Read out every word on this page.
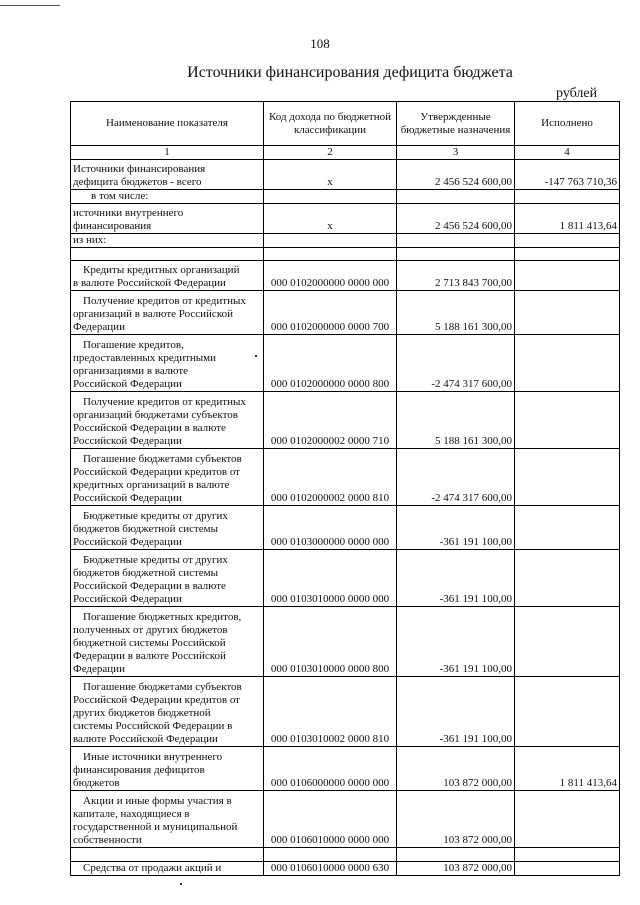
108
Источники финансирования дефицита бюджета
рублей
Наименование показателя	Код дохода по бюджетной классификации	Утвержденные бюджетные назначения	Исполнено
1	2	3	4
Источники финансирования
дефицита бюджетов - всего	х	2 456 524 600,00	-147 763 710,36
в том числе:			
источники внутреннего
финансирования	х	2 456 524 600,00	1 811 413,64
из них:			

Кредиты кредитных организаций
в валюте Российской Федерации	000 0102000000 0000 000	2 713 843 700,00	
Получение кредитов от кредитных
организаций в валюте Российской
Федерации	000 0102000000 0000 700	5 188 161 300,00	
Погашение кредитов,
предоставленных кредитными
организациями в валюте
Российской Федерации	000 0102000000 0000 800	-2 474 317 600,00	
Получение кредитов от кредитных
организаций бюджетами субъектов
Российской Федерации в валюте
Российской Федерации	000 0102000002 0000 710	5 188 161 300,00	
Погашение бюджетами субъектов
Российской Федерации кредитов от
кредитных организаций в валюте
Российской Федерации	000 0102000002 0000 810	-2 474 317 600,00	
Бюджетные кредиты от других
бюджетов бюджетной системы
Российской Федерации	000 0103000000 0000 000	-361 191 100,00	
Бюджетные кредиты от других
бюджетов бюджетной системы
Российской Федерации в валюте
Российской Федерации	000 0103010000 0000 000	-361 191 100,00	
Погашение бюджетных кредитов,
полученных от других бюджетов
бюджетной системы Российской
Федерации в валюте Российской
Федерации	000 0103010000 0000 800	-361 191 100,00	
Погашение бюджетами субъектов
Российской Федерации кредитов от
других бюджетов бюджетной
системы Российской Федерации в
валюте Российской Федерации	000 0103010002 0000 810	-361 191 100,00	
Иные источники внутреннего
финансирования дефицитов
бюджетов	000 0106000000 0000 000	103 872 000,00	1 811 413,64
Акции и иные формы участия в
капитале, находящиеся в
государственной и муниципальной
собственности	000 0106010000 0000 000	103 872 000,00	

Средства от продажи акций и	000 0106010000 0000 630	103 872 000,00	
